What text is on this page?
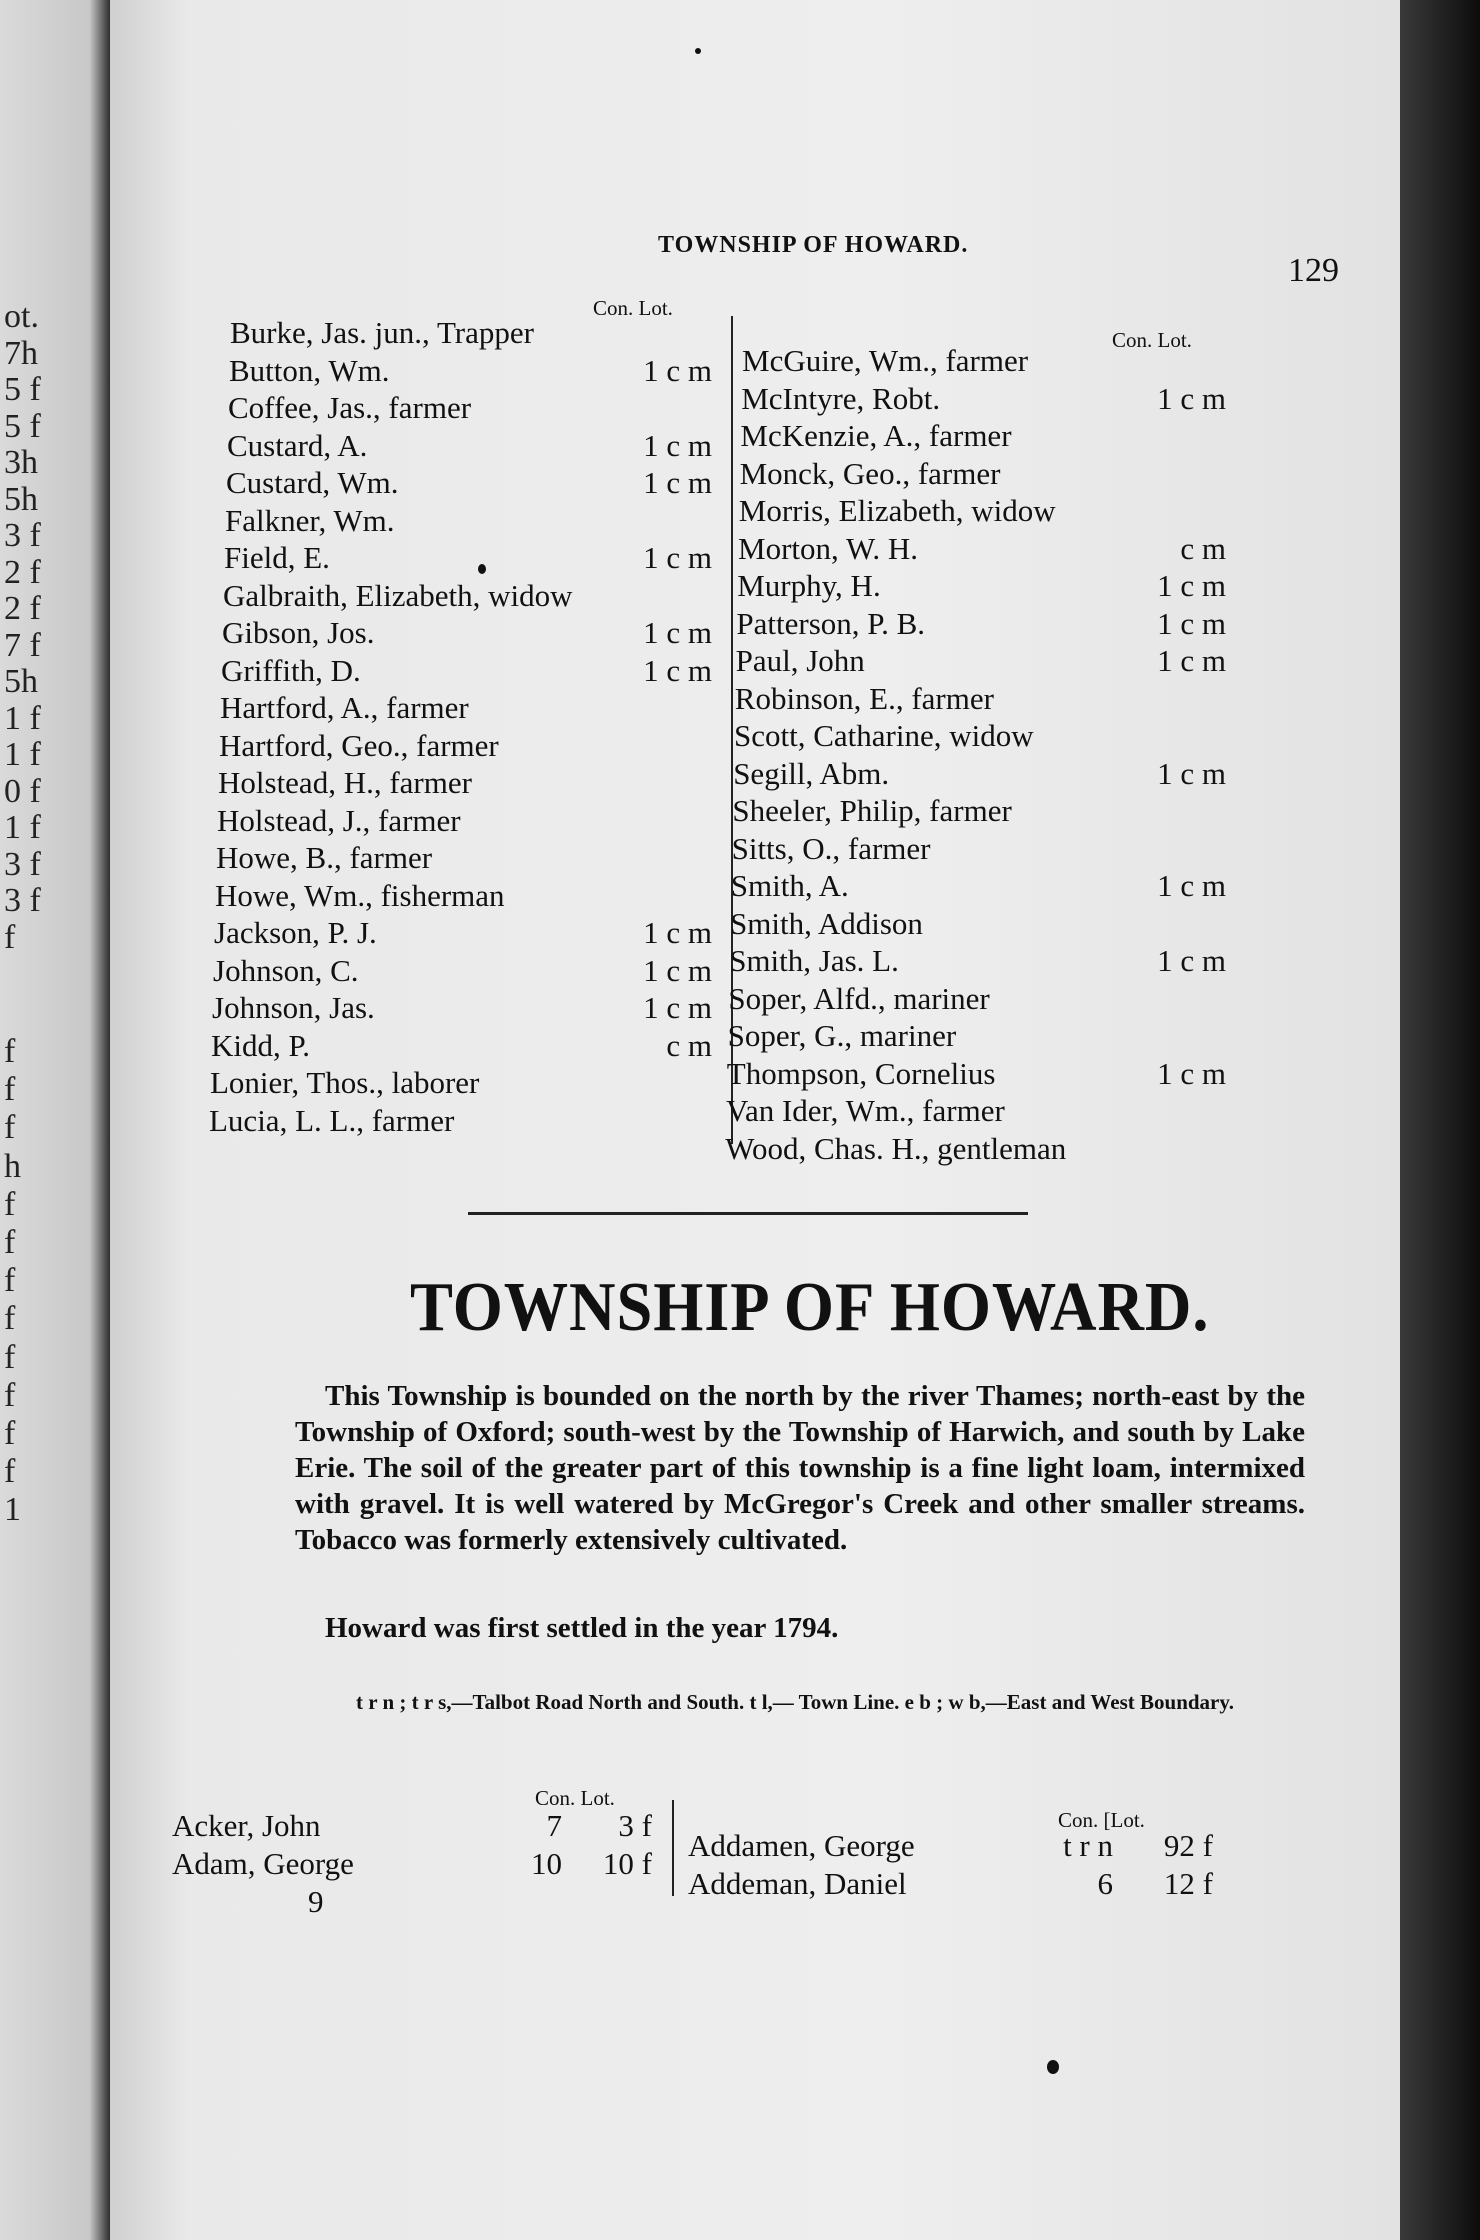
ot.
7h
5 f
5 f
3h
5h
3 f
2 f
2 f
7 f
5h
1 f
1 f
0 f
1 f
3 f
3 f
f
f
f
f
h
f
f
f
f
f
f
f
f
1
TOWNSHIP OF HOWARD.
129
Con. Lot.
Con. Lot.
Burke, Jas. jun., Trapper
Button, Wm.	1 c m
Coffee, Jas., farmer
Custard, A.	1 c m
Custard, Wm.	1 c m
Falkner, Wm.
Field, E.	1 c m
Galbraith, Elizabeth, widow
Gibson, Jos.	1 c m
Griffith, D.	1 c m
Hartford, A., farmer
Hartford, Geo., farmer
Holstead, H., farmer
Holstead, J., farmer
Howe, B., farmer
Howe, Wm., fisherman
Jackson, P. J.	1 c m
Johnson, C.	1 c m
Johnson, Jas.	1 c m
Kidd, P.	c m
Lonier, Thos., laborer
Lucia, L. L., farmer
McGuire, Wm., farmer
McIntyre, Robt.	1 c m
McKenzie, A., farmer
Monck, Geo., farmer
Morris, Elizabeth, widow
Morton, W. H.	c m
Murphy, H.	1 c m
Patterson, P. B.	1 c m
Paul, John	1 c m
Robinson, E., farmer
Scott, Catharine, widow
Segill, Abm.	1 c m
Sheeler, Philip, farmer
Sitts, O., farmer
Smith, A.	1 c m
Smith, Addison
Smith, Jas. L.	1 c m
Soper, Alfd., mariner
Soper, G., mariner
Thompson, Cornelius	1 c m
Van Ider, Wm., farmer
Wood, Chas. H., gentleman
TOWNSHIP OF HOWARD.
This Township is bounded on the north by the river Thames; north-east by the Township of Oxford; south-west by the Township of Harwich, and south by Lake Erie. The soil of the greater part of this township is a fine light loam, intermixed with gravel. It is well watered by McGregor's Creek and other smaller streams. Tobacco was formerly extensively cultivated.
Howard was first settled in the year 1794.
t r n ; t r s,—Talbot Road North and South. t l,— Town Line. e b ; w b,—East and West Boundary.
Con. Lot.
Con. [Lot.
Acker, John	7 3 f
Adam, George	10 10 f
9
Addamen, George	t r n 92 f
Addeman, Daniel	6 12 f
